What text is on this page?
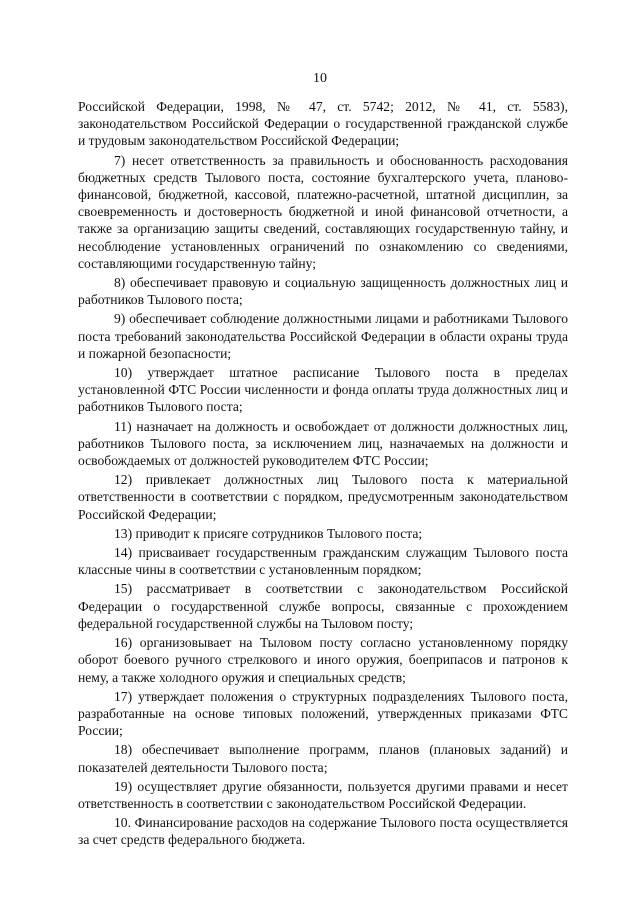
10

Российской Федерации, 1998, № 47, ст. 5742; 2012, № 41, ст. 5583), законодательством Российской Федерации о государственной гражданской службе и трудовым законодательством Российской Федерации;

7) несет ответственность за правильность и обоснованность расходования бюджетных средств Тылового поста, состояние бухгалтерского учета, планово-финансовой, бюджетной, кассовой, платежно-расчетной, штатной дисциплин, за своевременность и достоверность бюджетной и иной финансовой отчетности, а также за организацию защиты сведений, составляющих государственную тайну, и несоблюдение установленных ограничений по ознакомлению со сведениями, составляющими государственную тайну;

8) обеспечивает правовую и социальную защищенность должностных лиц и работников Тылового поста;

9) обеспечивает соблюдение должностными лицами и работниками Тылового поста требований законодательства Российской Федерации в области охраны труда и пожарной безопасности;

10) утверждает штатное расписание Тылового поста в пределах установленной ФТС России численности и фонда оплаты труда должностных лиц и работников Тылового поста;

11) назначает на должность и освобождает от должности должностных лиц, работников Тылового поста, за исключением лиц, назначаемых на должности и освобождаемых от должностей руководителем ФТС России;

12) привлекает должностных лиц Тылового поста к материальной ответственности в соответствии с порядком, предусмотренным законодательством Российской Федерации;

13) приводит к присяге сотрудников Тылового поста;

14) присваивает государственным гражданским служащим Тылового поста классные чины в соответствии с установленным порядком;

15) рассматривает в соответствии с законодательством Российской Федерации о государственной службе вопросы, связанные с прохождением федеральной государственной службы на Тыловом посту;

16) организовывает на Тыловом посту согласно установленному порядку оборот боевого ручного стрелкового и иного оружия, боеприпасов и патронов к нему, а также холодного оружия и специальных средств;

17) утверждает положения о структурных подразделениях Тылового поста, разработанные на основе типовых положений, утвержденных приказами ФТС России;

18) обеспечивает выполнение программ, планов (плановых заданий) и показателей деятельности Тылового поста;

19) осуществляет другие обязанности, пользуется другими правами и несет ответственность в соответствии с законодательством Российской Федерации.

10. Финансирование расходов на содержание Тылового поста осуществляется за счет средств федерального бюджета.
